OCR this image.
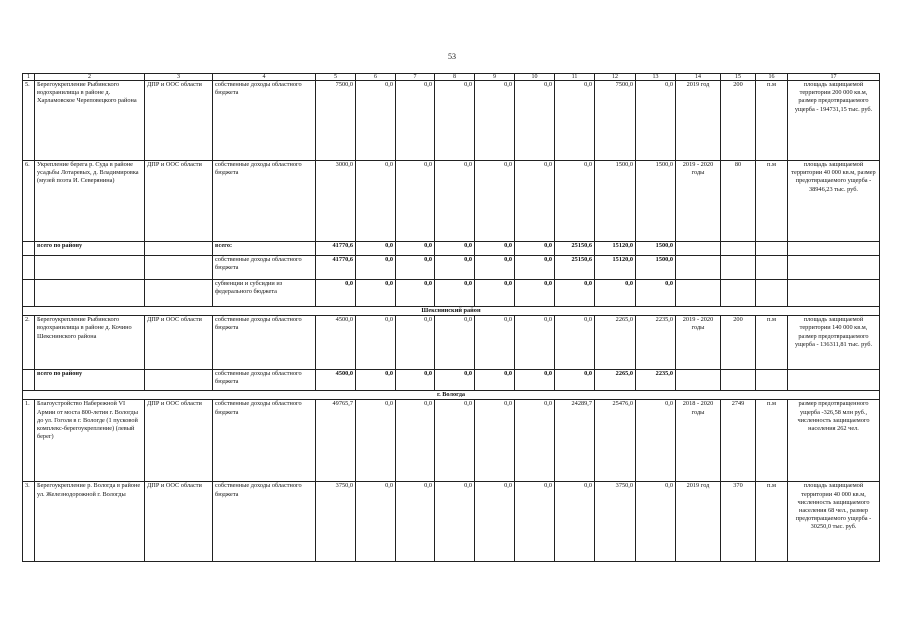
53
1	2	3	4	5	6	7	8	9	10	11	12	13	14	15	16	17
5.	Берегоукрепление Рыбинского водохранилища в районе д. Харламовское Череповецкого района	ДПР и ООС области	собственные доходы областного бюджета	7500,0	0,0	0,0	0,0	0,0	0,0	0,0	7500,0	0,0	2019 год	200	п.м	площадь защищаемой территории 200 000 кв.м, размер предотвращаемого ущерба - 194731,15 тыс. руб.
6.	Укрепление берега р. Суда в районе усадьбы Лотаревых, д. Владимировка (музей поэта И. Северянина)	ДПР и ООС области	собственные доходы областного бюджета	3000,0	0,0	0,0	0,0	0,0	0,0	0,0	1500,0	1500,0	2019 - 2020 годы	80	п.м	площадь защищаемой территории 40 000 кв.м, размер предотвращаемого ущерба - 38946,23 тыс. руб.
	всего по району		всего:	41770,6	0,0	0,0	0,0	0,0	0,0	25150,6	15120,0	1500,0				
			собственные доходы областного бюджета	41770,6	0,0	0,0	0,0	0,0	0,0	25150,6	15120,0	1500,0				
			субвенции и субсидии из федерального бюджета	0,0	0,0	0,0	0,0	0,0	0,0	0,0	0,0	0,0				
Шекснинский район																
2.	Берегоукрепление Рыбинского водохранилища в районе д. Кочино Шекснинского района	ДПР и ООС области	собственные доходы областного бюджета	4500,0	0,0	0,0	0,0	0,0	0,0	0,0	2265,0	2235,0	2019 - 2020 годы	200	п.м	площадь защищаемой территории 140 000 кв.м, размер предотвращаемого ущерба - 136311,81 тыс. руб.
	всего по району		собственные доходы областного бюджета	4500,0	0,0	0,0	0,0	0,0	0,0	0,0	2265,0	2235,0				
г. Вологда																
1.	Благоустройство Набережной VI Армии от моста 800-летия г. Вологды до ул. Гоголя в г. Вологде (1 пусковой комплекс-берегоукрепление) (левый берег)	ДПР и ООС области	собственные доходы областного бюджета	49765,7	0,0	0,0	0,0	0,0	0,0	24289,7	25476,0	0,0	2018 - 2020 годы	2749	п.м	размер предотвращенного ущерба -326,58 млн руб., численность защищаемого населения 262 чел.
3.	Берегоукрепление р. Вологда в районе ул. Железнодорожной г. Вологды	ДПР и ООС области	собственные доходы областного бюджета	3750,0	0,0	0,0	0,0	0,0	0,0	0,0	3750,0	0,0	2019 год	370	п.м	площадь защищаемой территории 40 000 кв.м, численность защищаемого населения 68 чел., размер предотвращаемого ущерба - 30250,0 тыс. руб.
